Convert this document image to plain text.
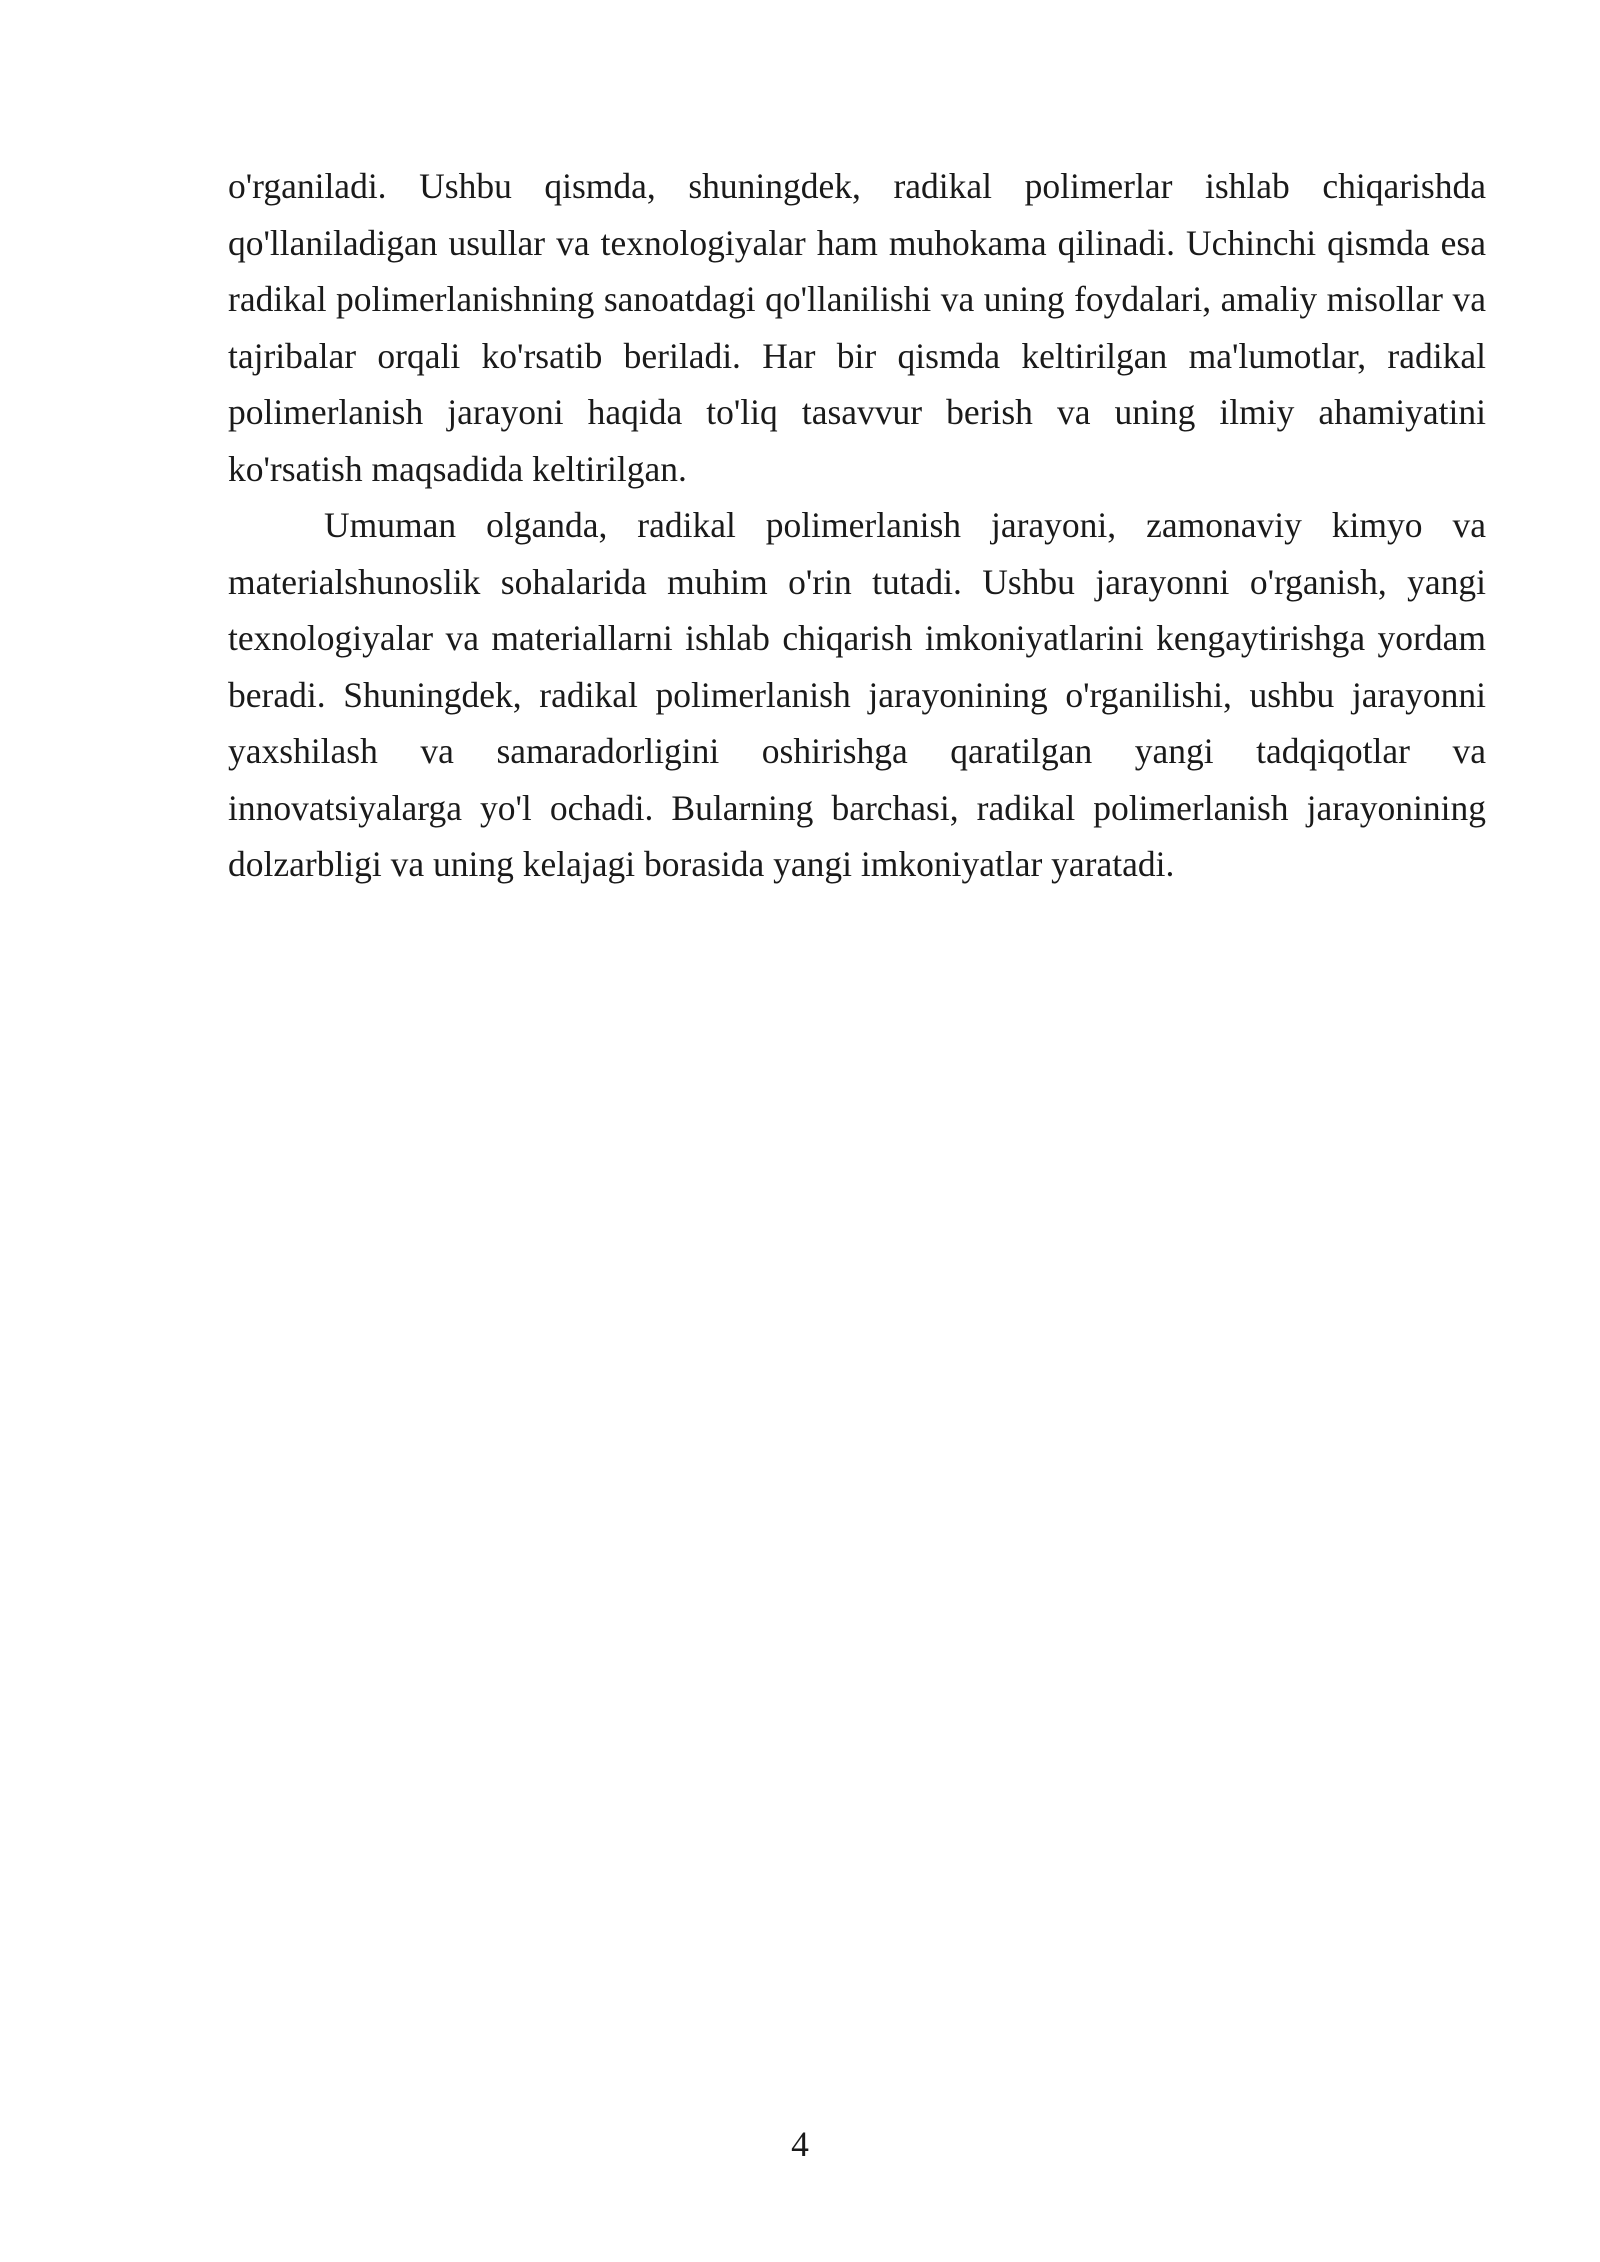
o'rganiladi. Ushbu qismda, shuningdek, radikal polimerlar ishlab chiqarishda qo'llaniladigan usullar va texnologiyalar ham muhokama qilinadi. Uchinchi qismda esa radikal polimerlanishning sanoatdagi qo'llanilishi va uning foydalari, amaliy misollar va tajribalar orqali ko'rsatib beriladi. Har bir qismda keltirilgan ma'lumotlar, radikal polimerlanish jarayoni haqida to'liq tasavvur berish va uning ilmiy ahamiyatini ko'rsatish maqsadida keltirilgan.

Umuman olganda, radikal polimerlanish jarayoni, zamonaviy kimyo va materialshunoslik sohalarida muhim o'rin tutadi. Ushbu jarayonni o'rganish, yangi texnologiyalar va materiallarni ishlab chiqarish imkoniyatlarini kengaytirishga yordam beradi. Shuningdek, radikal polimerlanish jarayonining o'rganilishi, ushbu jarayonni yaxshilash va samaradorligini oshirishga qaratilgan yangi tadqiqotlar va innovatsiyalarga yo'l ochadi. Bularning barchasi, radikal polimerlanish jarayonining dolzarbligi va uning kelajagi borasida yangi imkoniyatlar yaratadi.

4
